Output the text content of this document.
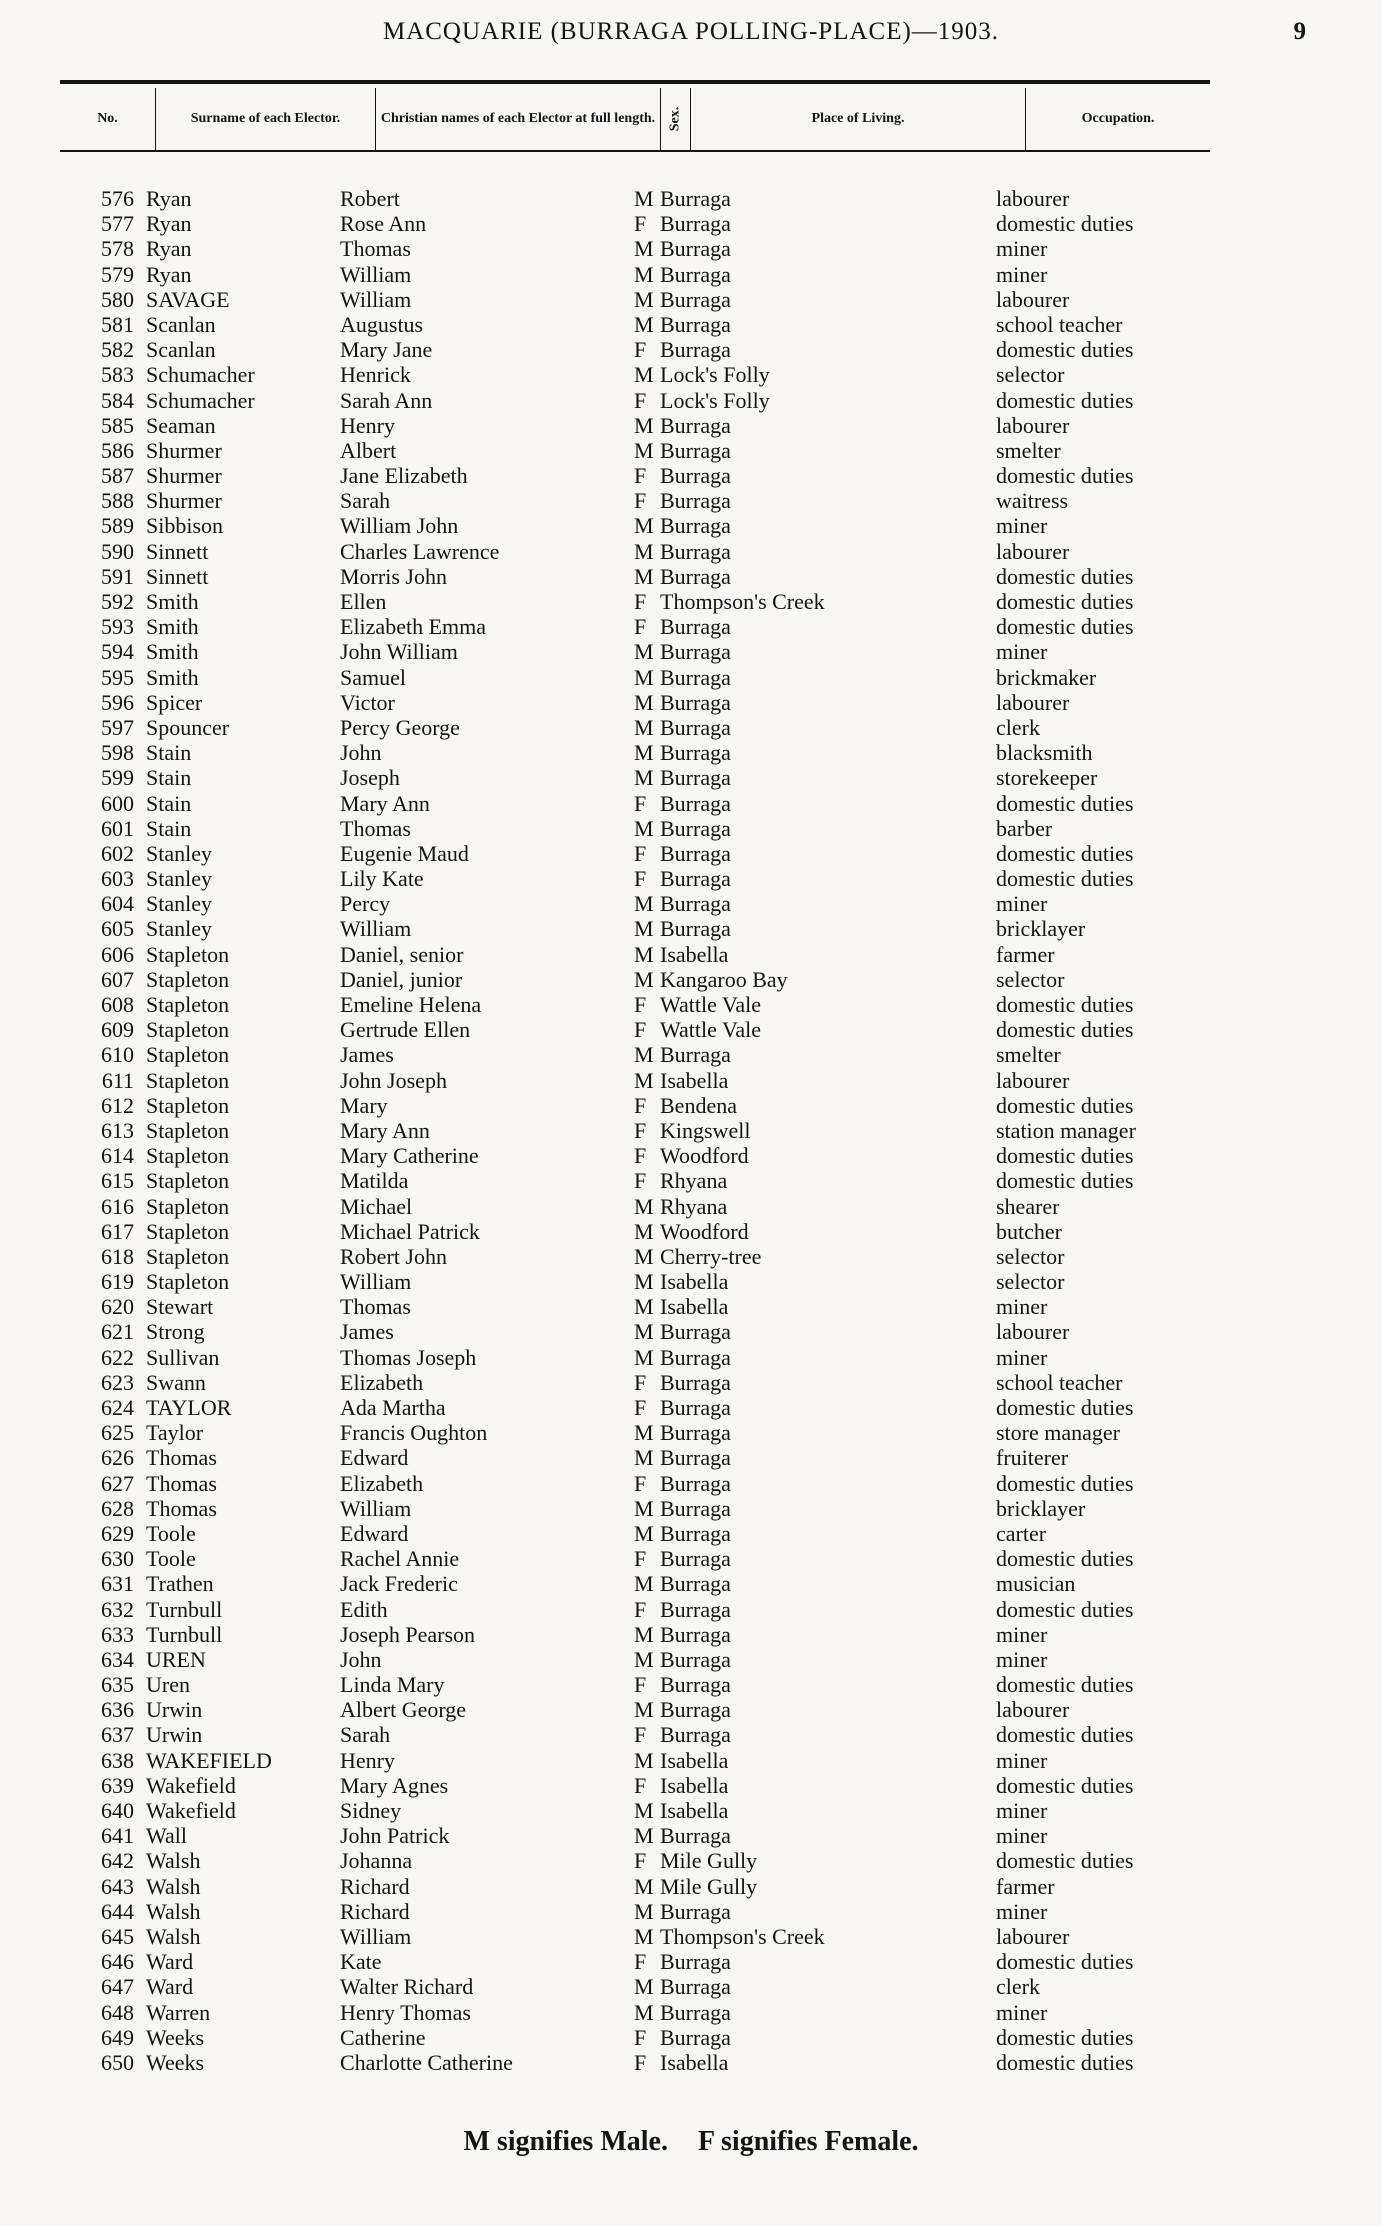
MACQUARIE (BURRAGA POLLING-PLACE)—1903.	9
No.	Surname of each Elector.	Christian names of each Elector at full length. Sex.	Place of Living.	Occupation.
576 Ryan	Robert	M Burraga	labourer
577 Ryan	Rose Ann	F Burraga	domestic duties
578 Ryan	Thomas	M Burraga	miner
579 Ryan	William	M Burraga	miner
580 SAVAGE	William	M Burraga	labourer
581 Scanlan	Augustus	M Burraga	school teacher
582 Scanlan	Mary Jane	F Burraga	domestic duties
583 Schumacher	Henrick	M Lock's Folly	selector
584 Schumacher	Sarah Ann	F Lock's Folly	domestic duties
585 Seaman	Henry	M Burraga	labourer
586 Shurmer	Albert	M Burraga	smelter
587 Shurmer	Jane Elizabeth	F Burraga	domestic duties
588 Shurmer	Sarah	F Burraga	waitress
589 Sibbison	William John	M Burraga	miner
590 Sinnett	Charles Lawrence	M Burraga	labourer
591 Sinnett	Morris John	M Burraga	domestic duties
592 Smith	Ellen	F Thompson's Creek	domestic duties
593 Smith	Elizabeth Emma	F Burraga	domestic duties
594 Smith	John William	M Burraga	miner
595 Smith	Samuel	M Burraga	brickmaker
596 Spicer	Victor	M Burraga	labourer
597 Spouncer	Percy George	M Burraga	clerk
598 Stain	John	M Burraga	blacksmith
599 Stain	Joseph	M Burraga	storekeeper
600 Stain	Mary Ann	F Burraga	domestic duties
601 Stain	Thomas	M Burraga	barber
602 Stanley	Eugenie Maud	F Burraga	domestic duties
603 Stanley	Lily Kate	F Burraga	domestic duties
604 Stanley	Percy	M Burraga	miner
605 Stanley	William	M Burraga	bricklayer
606 Stapleton	Daniel, senior	M Isabella	farmer
607 Stapleton	Daniel, junior	M Kangaroo Bay	selector
608 Stapleton	Emeline Helena	F Wattle Vale	domestic duties
609 Stapleton	Gertrude Ellen	F Wattle Vale	domestic duties
610 Stapleton	James	M Burraga	smelter
611 Stapleton	John Joseph	M Isabella	labourer
612 Stapleton	Mary	F Bendena	domestic duties
613 Stapleton	Mary Ann	F Kingswell	station manager
614 Stapleton	Mary Catherine	F Woodford	domestic duties
615 Stapleton	Matilda	F Rhyana	domestic duties
616 Stapleton	Michael	M Rhyana	shearer
617 Stapleton	Michael Patrick	M Woodford	butcher
618 Stapleton	Robert John	M Cherry-tree	selector
619 Stapleton	William	M Isabella	selector
620 Stewart	Thomas	M Isabella	miner
621 Strong	James	M Burraga	labourer
622 Sullivan	Thomas Joseph	M Burraga	miner
623 Swann	Elizabeth	F Burraga	school teacher
624 TAYLOR	Ada Martha	F Burraga	domestic duties
625 Taylor	Francis Oughton	M Burraga	store manager
626 Thomas	Edward	M Burraga	fruiterer
627 Thomas	Elizabeth	F Burraga	domestic duties
628 Thomas	William	M Burraga	bricklayer
629 Toole	Edward	M Burraga	carter
630 Toole	Rachel Annie	F Burraga	domestic duties
631 Trathen	Jack Frederic	M Burraga	musician
632 Turnbull	Edith	F Burraga	domestic duties
633 Turnbull	Joseph Pearson	M Burraga	miner
634 UREN	John	M Burraga	miner
635 Uren	Linda Mary	F Burraga	domestic duties
636 Urwin	Albert George	M Burraga	labourer
637 Urwin	Sarah	F Burraga	domestic duties
638 WAKEFIELD	Henry	M Isabella	miner
639 Wakefield	Mary Agnes	F Isabella	domestic duties
640 Wakefield	Sidney	M Isabella	miner
641 Wall	John Patrick	M Burraga	miner
642 Walsh	Johanna	F Mile Gully	domestic duties
643 Walsh	Richard	M Mile Gully	farmer
644 Walsh	Richard	M Burraga	miner
645 Walsh	William	M Thompson's Creek	labourer
646 Ward	Kate	F Burraga	domestic duties
647 Ward	Walter Richard	M Burraga	clerk
648 Warren	Henry Thomas	M Burraga	miner
649 Weeks	Catherine	F Burraga	domestic duties
650 Weeks	Charlotte Catherine	F Isabella	domestic duties
M signifies Male. F signifies Female.
